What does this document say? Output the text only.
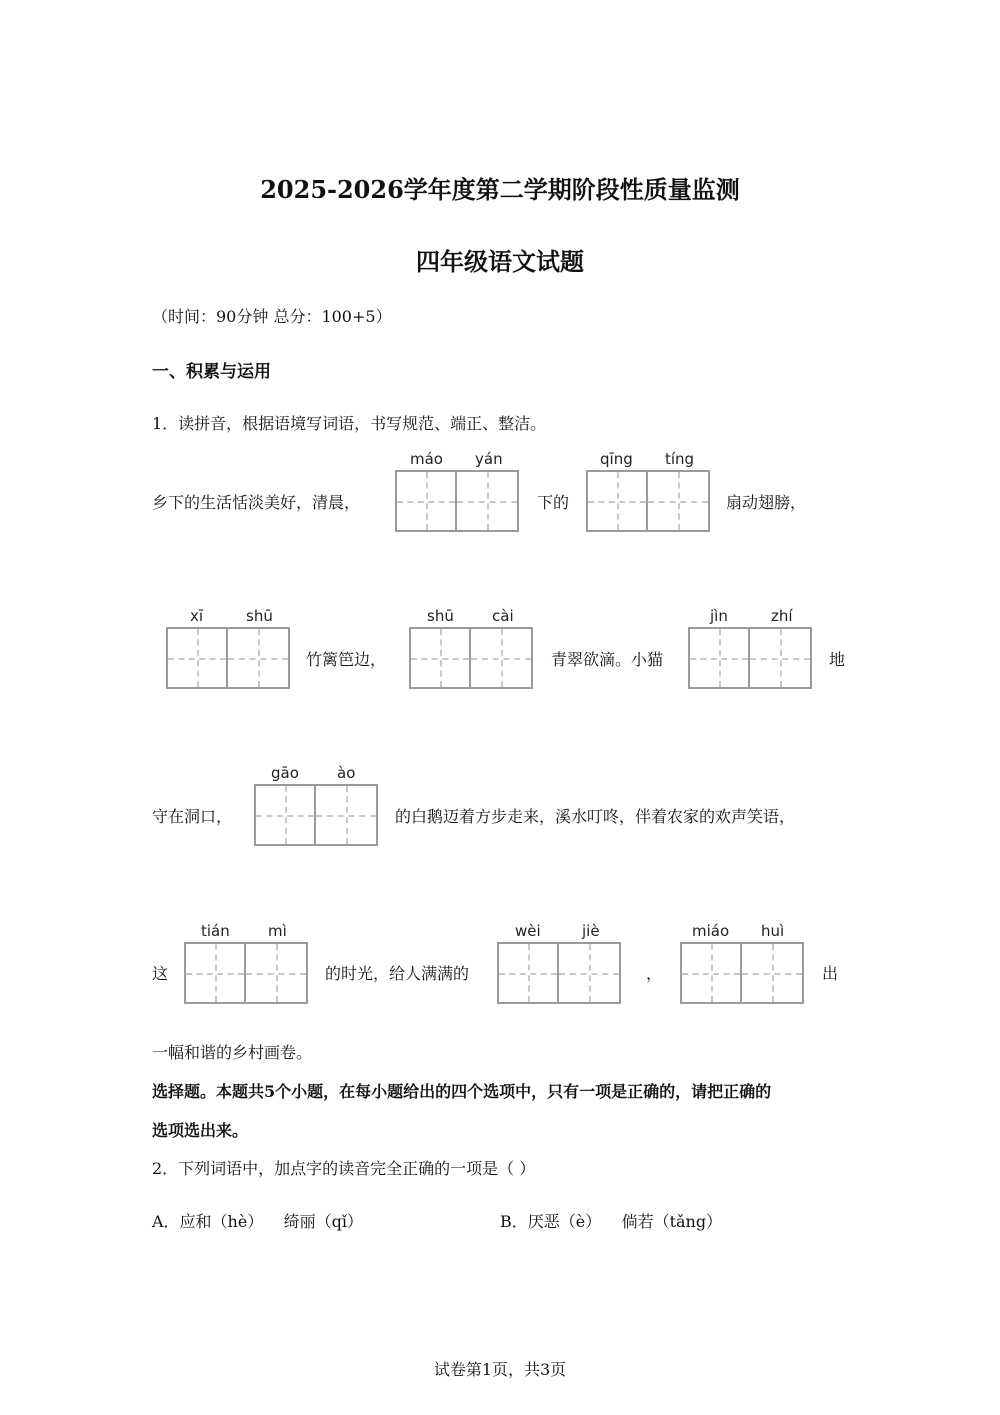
2025-2026学年度第二学期阶段性质量监测
四年级语文试题
（时间：90分钟 总分：100+5）
一、积累与运用
1．读拼音，根据语境写词语，书写规范、端正、整洁。
乡下的生活恬淡美好，清晨，
máo yán
下的
qīng tíng
扇动翅膀，
xī	shū
竹篱笆边，
shū	cài
青翠欲滴。小猫
jìn	zhí
地
守在洞口，
gāo	ào
的白鹅迈着方步走来，溪水叮咚，伴着农家的欢声笑语，
这
tián	mì
的时光，给人满满的
wèi	jiè
，
miáo huì
出
一幅和谐的乡村画卷。
选择题。本题共5个小题，在每小题给出的四个选项中，只有一项是正确的，请把正确的
选项选出来。
2．下列词语中，加点字的读音完全正确的一项是（ ）
A．应和（hè）    绮丽（qǐ）	B．厌恶（è）    倘若（tǎng）
试卷第1页，共3页
